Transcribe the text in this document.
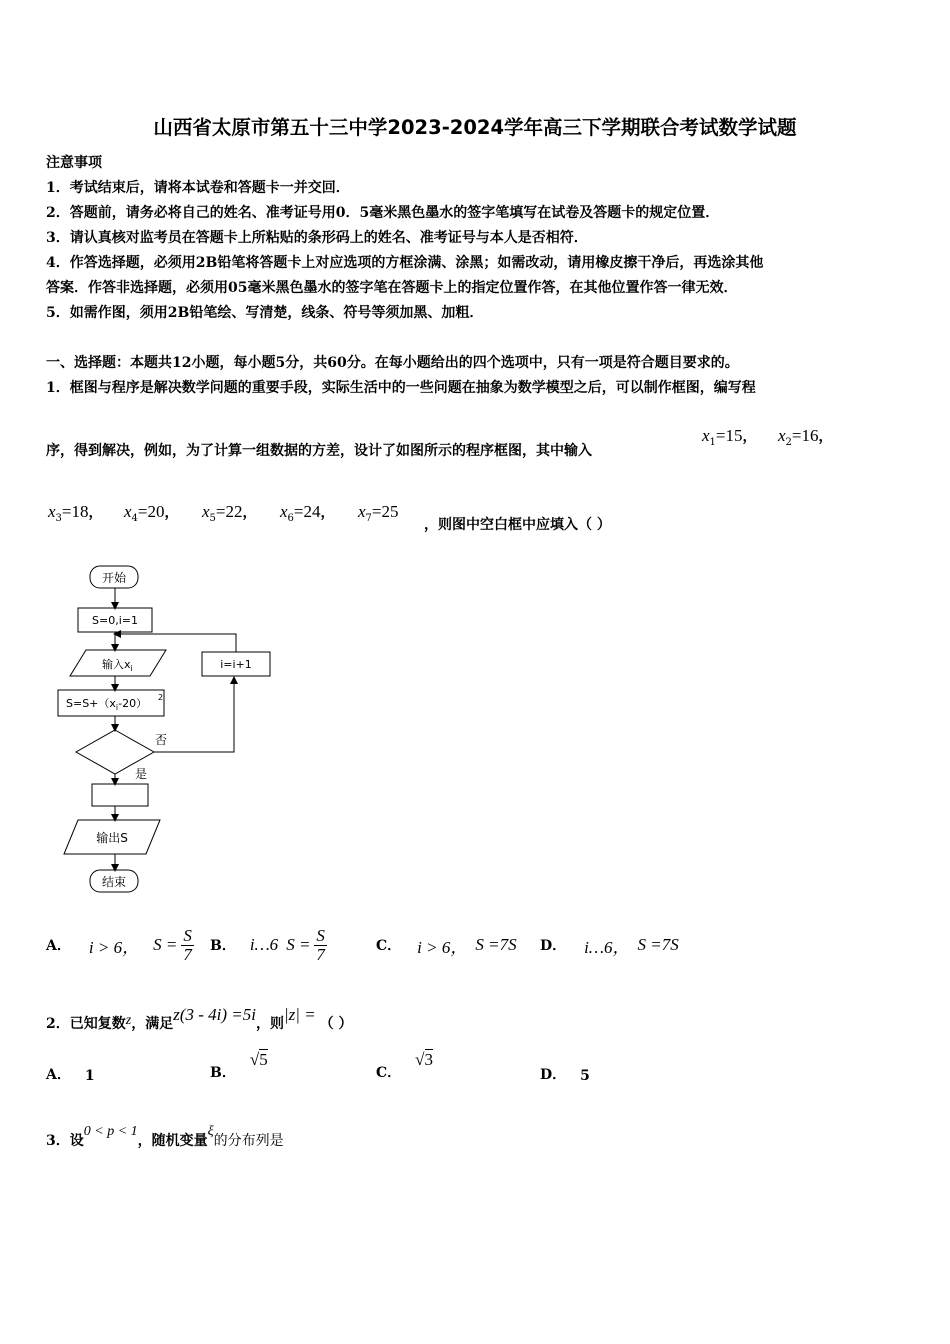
山西省太原市第五十三中学2023-2024学年高三下学期联合考试数学试题
注意事项
1．考试结束后，请将本试卷和答题卡一并交回．
2．答题前，请务必将自己的姓名、准考证号用0．5毫米黑色墨水的签字笔填写在试卷及答题卡的规定位置．
3．请认真核对监考员在答题卡上所粘贴的条形码上的姓名、准考证号与本人是否相符．
4．作答选择题，必须用2B铅笔将答题卡上对应选项的方框涂满、涂黑；如需改动，请用橡皮擦干净后，再选涂其他
答案．作答非选择题，必须用05毫米黑色墨水的签字笔在答题卡上的指定位置作答，在其他位置作答一律无效．
5．如需作图，须用2B铅笔绘、写清楚，线条、符号等须加黑、加粗．
一、选择题：本题共12小题，每小题5分，共60分。在每小题给出的四个选项中，只有一项是符合题目要求的。
1．框图与程序是解决数学问题的重要手段，实际生活中的一些问题在抽象为数学模型之后，可以制作框图，编写程
序，得到解决，例如，为了计算一组数据的方差，设计了如图所示的程序框图，其中输入
$x_1=15$， $x_2=16$，
$x_3=18$， $x_4=20$， $x_5=22$， $x_6=24$， $x_7=25$
，则图中空白框中应填入（ ）
开始
S=0,i=1
输入$x_i$
$S=S+(x_i-20)$ 2
i=i+1
否
是
输出S
结束
A． i > 6， $S = \frac{S}{7}$ B． i…6 $S = \frac{S}{7}$	C． i > 6， S =7S D． i…6， S =7S
2．已知复数z，满足z(3 - 4i) =5i，则|z| = （ ）
A． 1	B．
√5
C．
√3
D． 5
3．设0 < p < 1，随机变量ξ的分布列是
